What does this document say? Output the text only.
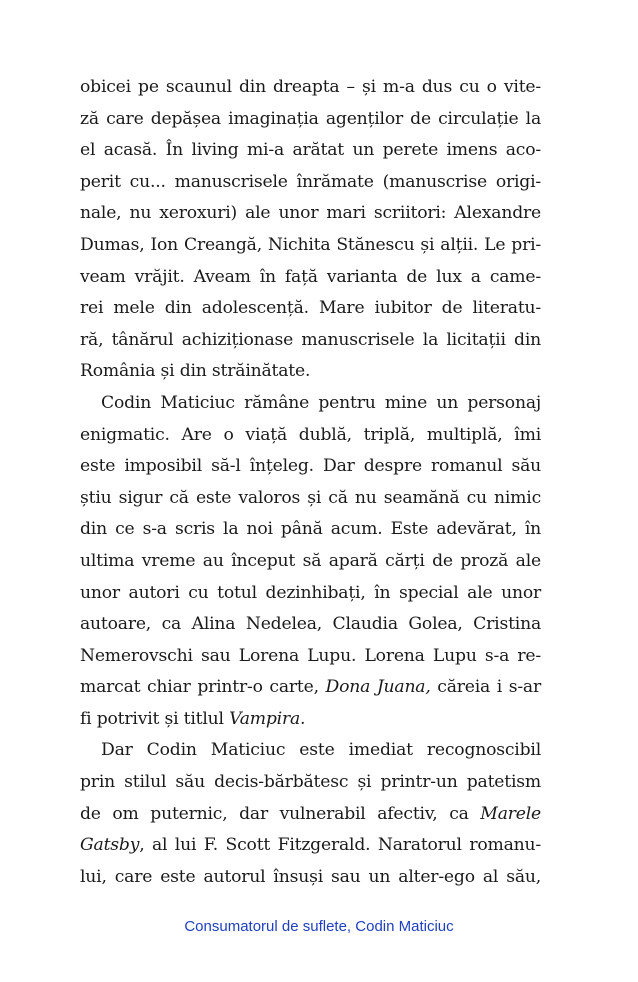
obicei pe scaunul din dreapta – și m-a dus cu o vite-
ză care depășea imaginația agenților de circulație la
el acasă. În living mi-a arătat un perete imens aco-
perit cu... manuscrisele înrămate (manuscrise origi-
nale, nu xeroxuri) ale unor mari scriitori: Alexandre
Dumas, Ion Creangă, Nichita Stănescu și alții. Le pri-
veam vrăjit. Aveam în față varianta de lux a came-
rei mele din adolescență. Mare iubitor de literatu-
ră, tânărul achiziționase manuscrisele la licitații din
România și din străinătate.
Codin Maticiuc rămâne pentru mine un personaj
enigmatic. Are o viață dublă, triplă, multiplă, îmi
este imposibil să-l înțeleg. Dar despre romanul său
știu sigur că este valoros și că nu seamănă cu nimic
din ce s-a scris la noi până acum. Este adevărat, în
ultima vreme au început să apară cărți de proză ale
unor autori cu totul dezinhibați, în special ale unor
autoare, ca Alina Nedelea, Claudia Golea, Cristina
Nemerovschi sau Lorena Lupu. Lorena Lupu s-a re-
marcat chiar printr-o carte, Dona Juana, căreia i s-ar
fi potrivit și titlul Vampira.
Dar Codin Maticiuc este imediat recognoscibil
prin stilul său decis-bărbătesc și printr-un patetism
de om puternic, dar vulnerabil afectiv, ca Marele
Gatsby, al lui F. Scott Fitzgerald. Naratorul romanu-
lui, care este autorul însuși sau un alter-ego al său,
Consumatorul de suflete, Codin Maticiuc
